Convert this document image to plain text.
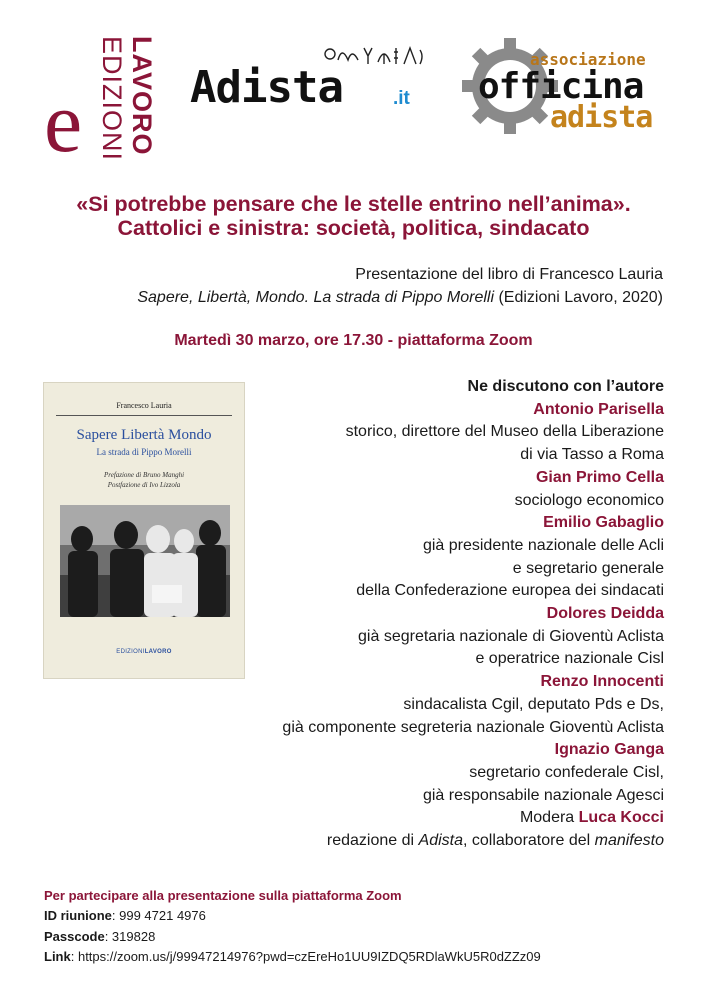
e EDIZIONI LAVORO Adista	.it
associazione
officina
adista
«Si potrebbe pensare che le stelle entrino nell’anima».
Cattolici e sinistra: società, politica, sindacato
Presentazione del libro di Francesco Lauria
Sapere, Libertà, Mondo. La strada di Pippo Morelli (Edizioni Lavoro, 2020)
Martedì 30 marzo, ore 17.30 - piattaforma Zoom
Francesco Lauria
Sapere Libertà Mondo
La strada di Pippo Morelli
Prefazione di Bruno Manghi
Postfazione di Ivo Lizzola
EDIZIONILAVORO
Ne discutono con l’autore
Antonio Parisella
storico, direttore del Museo della Liberazione
di via Tasso a Roma
Gian Primo Cella
sociologo economico
Emilio Gabaglio
già presidente nazionale delle Acli
e segretario generale
della Confederazione europea dei sindacati
Dolores Deidda
già segretaria nazionale di Gioventù Aclista
e operatrice nazionale Cisl
Renzo Innocenti
sindacalista Cgil, deputato Pds e Ds,
già componente segreteria nazionale Gioventù Aclista
Ignazio Ganga
segretario confederale Cisl,
già responsabile nazionale Agesci
Modera Luca Kocci
redazione di Adista, collaboratore del manifesto
Per partecipare alla presentazione sulla piattaforma Zoom
ID riunione: 999 4721 4976
Passcode: 319828
Link: https://zoom.us/j/99947214976?pwd=czEreHo1UU9IZDQ5RDlaWkU5R0dZZz09
